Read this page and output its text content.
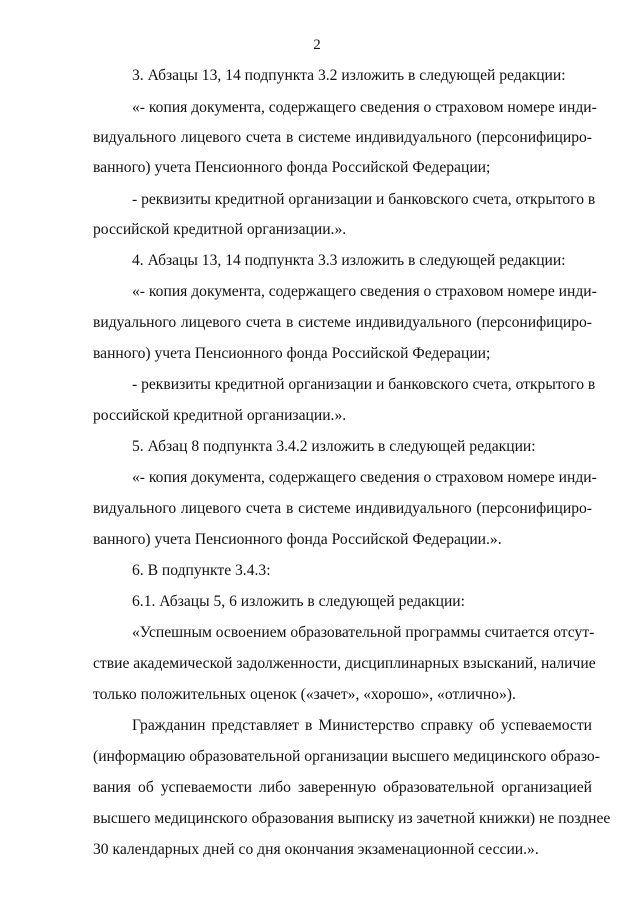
2
3. Абзацы 13, 14 подпункта 3.2 изложить в следующей редакции:
«- копия документа, содержащего сведения о страховом номере инди-
видуального лицевого счета в системе индивидуального (персонифициро-
ванного) учета Пенсионного фонда Российской Федерации;
- реквизиты кредитной организации и банковского счета, открытого в
российской кредитной организации.».
4. Абзацы 13, 14 подпункта 3.3 изложить в следующей редакции:
«- копия документа, содержащего сведения о страховом номере инди-
видуального лицевого счета в системе индивидуального (персонифициро-
ванного) учета Пенсионного фонда Российской Федерации;
- реквизиты кредитной организации и банковского счета, открытого в
российской кредитной организации.».
5. Абзац 8 подпункта 3.4.2 изложить в следующей редакции:
«- копия документа, содержащего сведения о страховом номере инди-
видуального лицевого счета в системе индивидуального (персонифициро-
ванного) учета Пенсионного фонда Российской Федерации.».
6. В подпункте 3.4.3:
6.1. Абзацы 5, 6 изложить в следующей редакции:
«Успешным освоением образовательной программы считается отсут-
ствие академической задолженности, дисциплинарных взысканий, наличие
только положительных оценок («зачет», «хорошо», «отлично»).
Гражданин представляет в Министерство справку об успеваемости
(информацию образовательной организации высшего медицинского образо-
вания об успеваемости либо заверенную образовательной организацией
высшего медицинского образования выписку из зачетной книжки) не позднее
30 календарных дней со дня окончания экзаменационной сессии.».
